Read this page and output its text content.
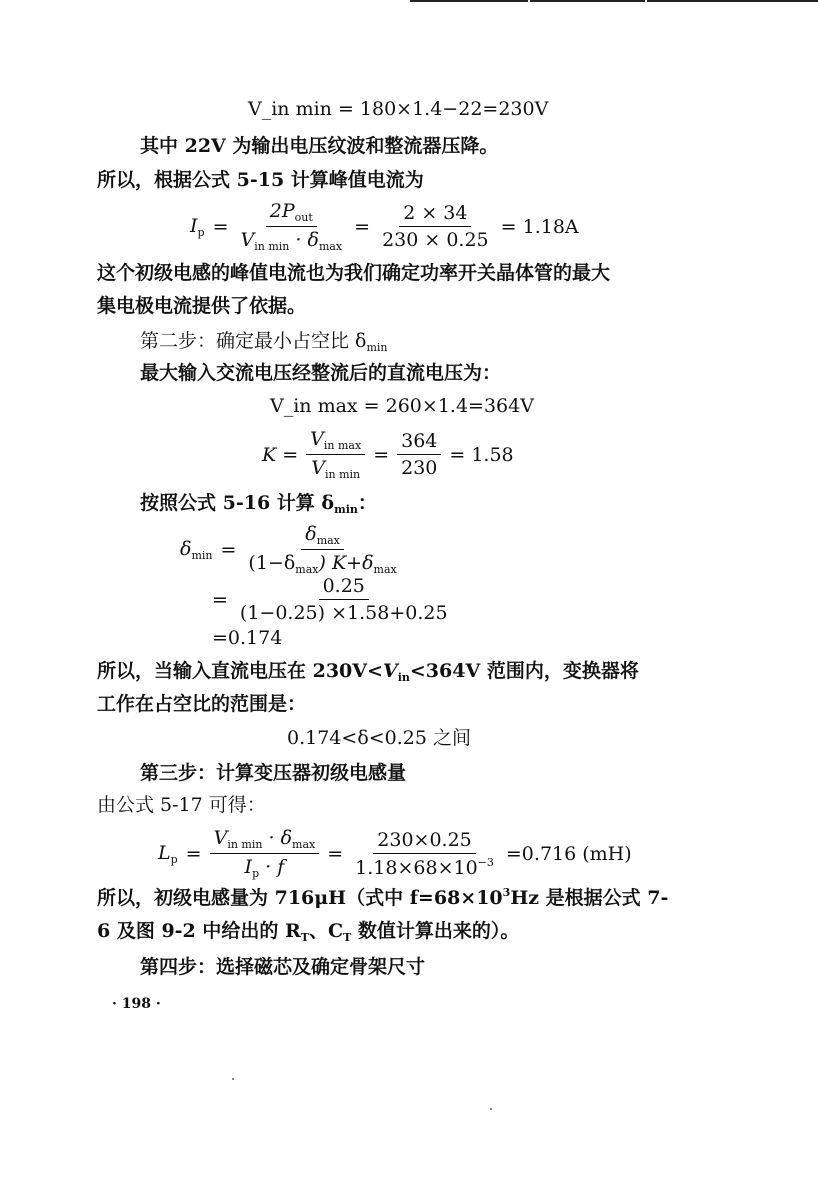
V_in min = 180×1.4−22=230V
其中 22V 为输出电压纹波和整流器压降。
所以，根据公式 5-15 计算峰值电流为
$I_p = \frac{2P_{out}}{V_{in min} \cdot \delta_{max}} = \frac{2 \times 34}{230 \times 0.25} = 1.18A$
这个初级电感的峰值电流也为我们确定功率开关晶体管的最大
集电极电流提供了依据。
第二步：确定最小占空比 $\delta_{min}$
最大输入交流电压经整流后的直流电压为：
V_in max = 260×1.4=364V
$K = \frac{V_{in max}}{V_{in min}} = \frac{364}{230} = 1.58$
按照公式 5-16 计算 $\delta_{min}$：
$\delta_{min} = \frac{\delta_{max}}{(1-\delta_{max}) K+\delta_{max}}$
= $\frac{0.25}{(1-0.25) \times 1.58+0.25}$
=0.174
所以，当输入直流电压在 $230V<V_{in}<364V$ 范围内，变换器将
工作在占空比的范围是：
0.174<δ<0.25 之间
第三步：计算变压器初级电感量
由公式 5-17 可得：
$L_p = \frac{V_{in min} \cdot \delta_{max}}{I_p \cdot f} = \frac{230\times 0.25}{1.18\times 68\times 10^{-3}} =0.716$ (mH)
所以，初级电感量为 716μH（式中 $f=68\times 10^3Hz$ 是根据公式 7-
6 及图 9-2 中给出的 $R_T$、$C_T$ 数值计算出来的）。
第四步：选择磁芯及确定骨架尺寸
· 198 ·
